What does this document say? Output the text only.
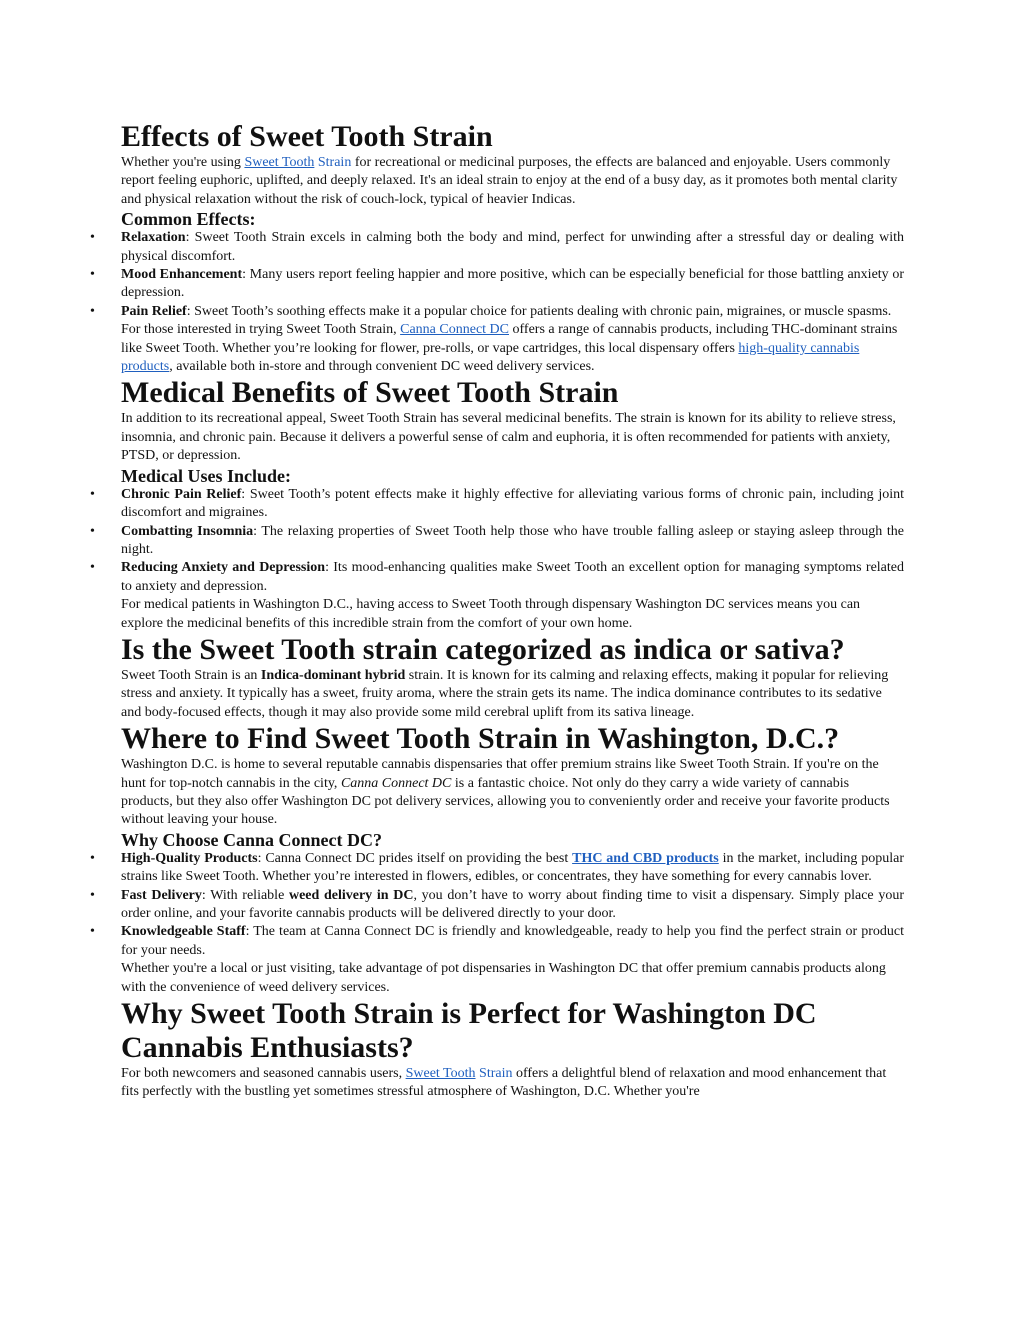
Effects of Sweet Tooth Strain

Whether you're using Sweet Tooth Strain for recreational or medicinal purposes, the effects are balanced and enjoyable. Users commonly report feeling euphoric, uplifted, and deeply relaxed. It's an ideal strain to enjoy at the end of a busy day, as it promotes both mental clarity and physical relaxation without the risk of couch-lock, typical of heavier Indicas.

Common Effects:
• Relaxation: Sweet Tooth Strain excels in calming both the body and mind, perfect for unwinding after a stressful day or dealing with physical discomfort.
• Mood Enhancement: Many users report feeling happier and more positive, which can be especially beneficial for those battling anxiety or depression.
• Pain Relief: Sweet Tooth’s soothing effects make it a popular choice for patients dealing with chronic pain, migraines, or muscle spasms.

For those interested in trying Sweet Tooth Strain, Canna Connect DC offers a range of cannabis products, including THC-dominant strains like Sweet Tooth. Whether you’re looking for flower, pre-rolls, or vape cartridges, this local dispensary offers high-quality cannabis products, available both in-store and through convenient DC weed delivery services.

Medical Benefits of Sweet Tooth Strain

In addition to its recreational appeal, Sweet Tooth Strain has several medicinal benefits. The strain is known for its ability to relieve stress, insomnia, and chronic pain. Because it delivers a powerful sense of calm and euphoria, it is often recommended for patients with anxiety, PTSD, or depression.

Medical Uses Include:
• Chronic Pain Relief: Sweet Tooth’s potent effects make it highly effective for alleviating various forms of chronic pain, including joint discomfort and migraines.
• Combatting Insomnia: The relaxing properties of Sweet Tooth help those who have trouble falling asleep or staying asleep through the night.
• Reducing Anxiety and Depression: Its mood-enhancing qualities make Sweet Tooth an excellent option for managing symptoms related to anxiety and depression.

For medical patients in Washington D.C., having access to Sweet Tooth through dispensary Washington DC services means you can explore the medicinal benefits of this incredible strain from the comfort of your own home.

Is the Sweet Tooth strain categorized as indica or sativa?

Sweet Tooth Strain is an Indica-dominant hybrid strain. It is known for its calming and relaxing effects, making it popular for relieving stress and anxiety. It typically has a sweet, fruity aroma, where the strain gets its name. The indica dominance contributes to its sedative and body-focused effects, though it may also provide some mild cerebral uplift from its sativa lineage.

Where to Find Sweet Tooth Strain in Washington, D.C.?

Washington D.C. is home to several reputable cannabis dispensaries that offer premium strains like Sweet Tooth Strain. If you're on the hunt for top-notch cannabis in the city, Canna Connect DC is a fantastic choice. Not only do they carry a wide variety of cannabis products, but they also offer Washington DC pot delivery services, allowing you to conveniently order and receive your favorite products without leaving your house.

Why Choose Canna Connect DC?
• High-Quality Products: Canna Connect DC prides itself on providing the best THC and CBD products in the market, including popular strains like Sweet Tooth. Whether you’re interested in flowers, edibles, or concentrates, they have something for every cannabis lover.
• Fast Delivery: With reliable weed delivery in DC, you don’t have to worry about finding time to visit a dispensary. Simply place your order online, and your favorite cannabis products will be delivered directly to your door.
• Knowledgeable Staff: The team at Canna Connect DC is friendly and knowledgeable, ready to help you find the perfect strain or product for your needs.

Whether you're a local or just visiting, take advantage of pot dispensaries in Washington DC that offer premium cannabis products along with the convenience of weed delivery services.

Why Sweet Tooth Strain is Perfect for Washington DC Cannabis Enthusiasts?

For both newcomers and seasoned cannabis users, Sweet Tooth Strain offers a delightful blend of relaxation and mood enhancement that fits perfectly with the bustling yet sometimes stressful atmosphere of Washington, D.C. Whether you're
